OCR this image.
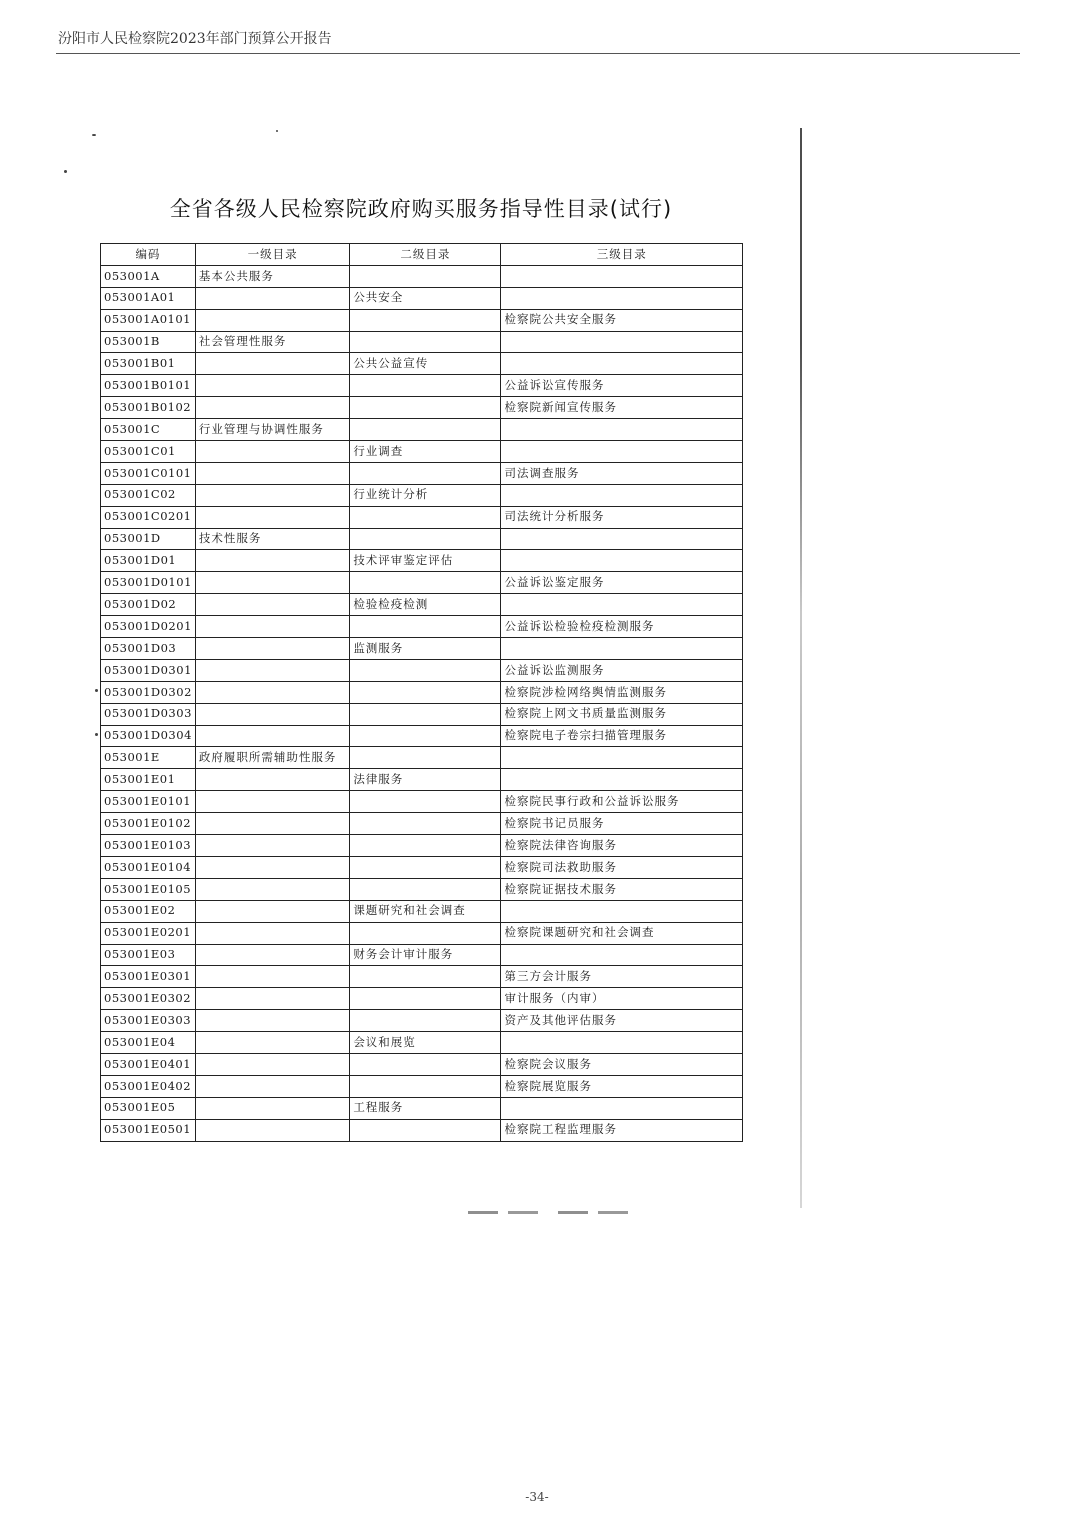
汾阳市人民检察院2023年部门预算公开报告
全省各级人民检察院政府购买服务指导性目录(试行)
编码	一级目录	二级目录	三级目录
053001A	基本公共服务		
053001A01		公共安全	
053001A0101			检察院公共安全服务
053001B	社会管理性服务		
053001B01		公共公益宣传	
053001B0101			公益诉讼宣传服务
053001B0102			检察院新闻宣传服务
053001C	行业管理与协调性服务		
053001C01		行业调查	
053001C0101			司法调查服务
053001C02		行业统计分析	
053001C0201			司法统计分析服务
053001D	技术性服务		
053001D01		技术评审鉴定评估	
053001D0101			公益诉讼鉴定服务
053001D02		检验检疫检测	
053001D0201			公益诉讼检验检疫检测服务
053001D03		监测服务	
053001D0301			公益诉讼监测服务
053001D0302			检察院涉检网络舆情监测服务
053001D0303			检察院上网文书质量监测服务
053001D0304			检察院电子卷宗扫描管理服务
053001E	政府履职所需辅助性服务		
053001E01		法律服务	
053001E0101			检察院民事行政和公益诉讼服务
053001E0102			检察院书记员服务
053001E0103			检察院法律咨询服务
053001E0104			检察院司法救助服务
053001E0105			检察院证据技术服务
053001E02		课题研究和社会调查	
053001E0201			检察院课题研究和社会调查
053001E03		财务会计审计服务	
053001E0301			第三方会计服务
053001E0302			审计服务（内审）
053001E0303			资产及其他评估服务
053001E04		会议和展览	
053001E0401			检察院会议服务
053001E0402			检察院展览服务
053001E05		工程服务	
053001E0501			检察院工程监理服务
-34-
